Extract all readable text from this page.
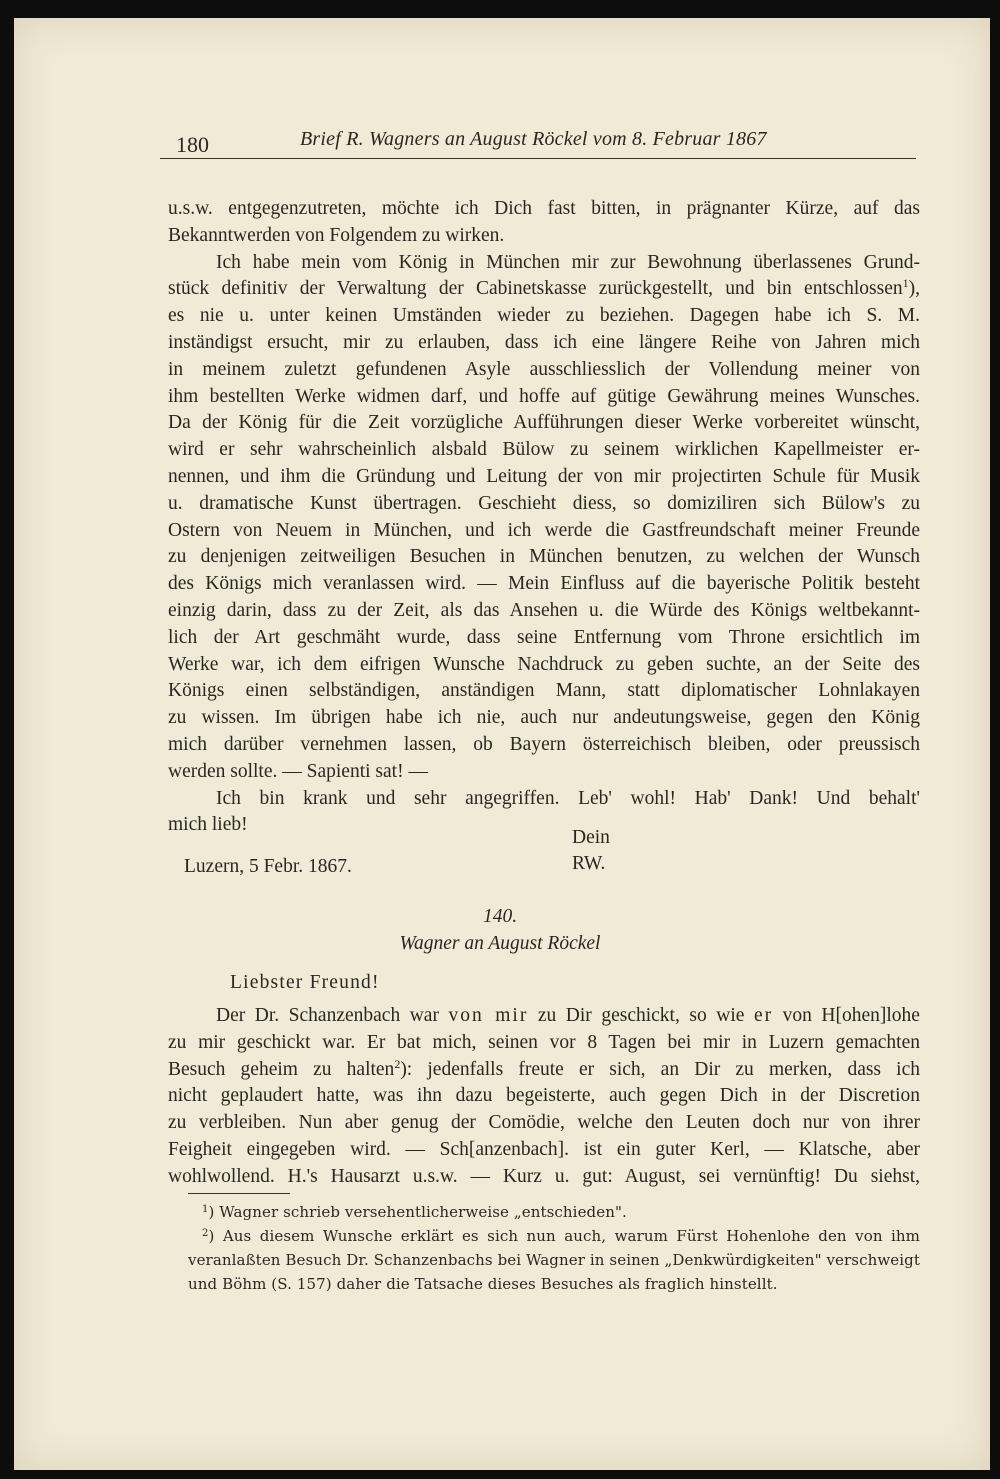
180	Brief R. Wagners an August Röckel vom 8. Februar 1867
u.s.w. entgegenzutreten, möchte ich Dich fast bitten, in prägnanter Kürze, auf das
Bekanntwerden von Folgendem zu wirken.
Ich habe mein vom König in München mir zur Bewohnung überlassenes Grund-
stück definitiv der Verwaltung der Cabinetskasse zurückgestellt, und bin entschlossen$^1$),
es nie u. unter keinen Umständen wieder zu beziehen. Dagegen habe ich S. M.
inständigst ersucht, mir zu erlauben, dass ich eine längere Reihe von Jahren mich
in meinem zuletzt gefundenen Asyle ausschliesslich der Vollendung meiner von
ihm bestellten Werke widmen darf, und hoffe auf gütige Gewährung meines Wunsches.
Da der König für die Zeit vorzügliche Aufführungen dieser Werke vorbereitet wünscht,
wird er sehr wahrscheinlich alsbald Bülow zu seinem wirklichen Kapellmeister er-
nennen, und ihm die Gründung und Leitung der von mir projectirten Schule für Musik
u. dramatische Kunst übertragen. Geschieht diess, so domiziliren sich Bülow's zu
Ostern von Neuem in München, und ich werde die Gastfreundschaft meiner Freunde
zu denjenigen zeitweiligen Besuchen in München benutzen, zu welchen der Wunsch
des Königs mich veranlassen wird. — Mein Einfluss auf die bayerische Politik besteht
einzig darin, dass zu der Zeit, als das Ansehen u. die Würde des Königs weltbekannt-
lich der Art geschmäht wurde, dass seine Entfernung vom Throne ersichtlich im
Werke war, ich dem eifrigen Wunsche Nachdruck zu geben suchte, an der Seite des
Königs einen selbständigen, anständigen Mann, statt diplomatischer Lohnlakayen
zu wissen. Im übrigen habe ich nie, auch nur andeutungsweise, gegen den König
mich darüber vernehmen lassen, ob Bayern österreichisch bleiben, oder preussisch
werden sollte. — Sapienti sat! —
Ich bin krank und sehr angegriffen. Leb' wohl! Hab' Dank! Und behalt'
mich lieb!
Dein
RW.
Luzern, 5 Febr. 1867.
140.
Wagner an August Röckel
Liebster Freund!
Der Dr. Schanzenbach war von mir zu Dir geschickt, so wie er von H[ohen]lohe
zu mir geschickt war. Er bat mich, seinen vor 8 Tagen bei mir in Luzern gemachten
Besuch geheim zu halten$^2$): jedenfalls freute er sich, an Dir zu merken, dass ich
nicht geplaudert hatte, was ihn dazu begeisterte, auch gegen Dich in der Discretion
zu verbleiben. Nun aber genug der Comödie, welche den Leuten doch nur von ihrer
Feigheit eingegeben wird. — Sch[anzenbach]. ist ein guter Kerl, — Klatsche, aber
wohlwollend. H.'s Hausarzt u.s.w. — Kurz u. gut: August, sei vernünftig! Du siehst,
$^1$) Wagner schrieb versehentlicherweise „entschieden".
$^2$) Aus diesem Wunsche erklärt es sich nun auch, warum Fürst Hohenlohe den von ihm
veranlaßten Besuch Dr. Schanzenbachs bei Wagner in seinen „Denkwürdigkeiten" verschweigt
und Böhm (S. 157) daher die Tatsache dieses Besuches als fraglich hinstellt.
